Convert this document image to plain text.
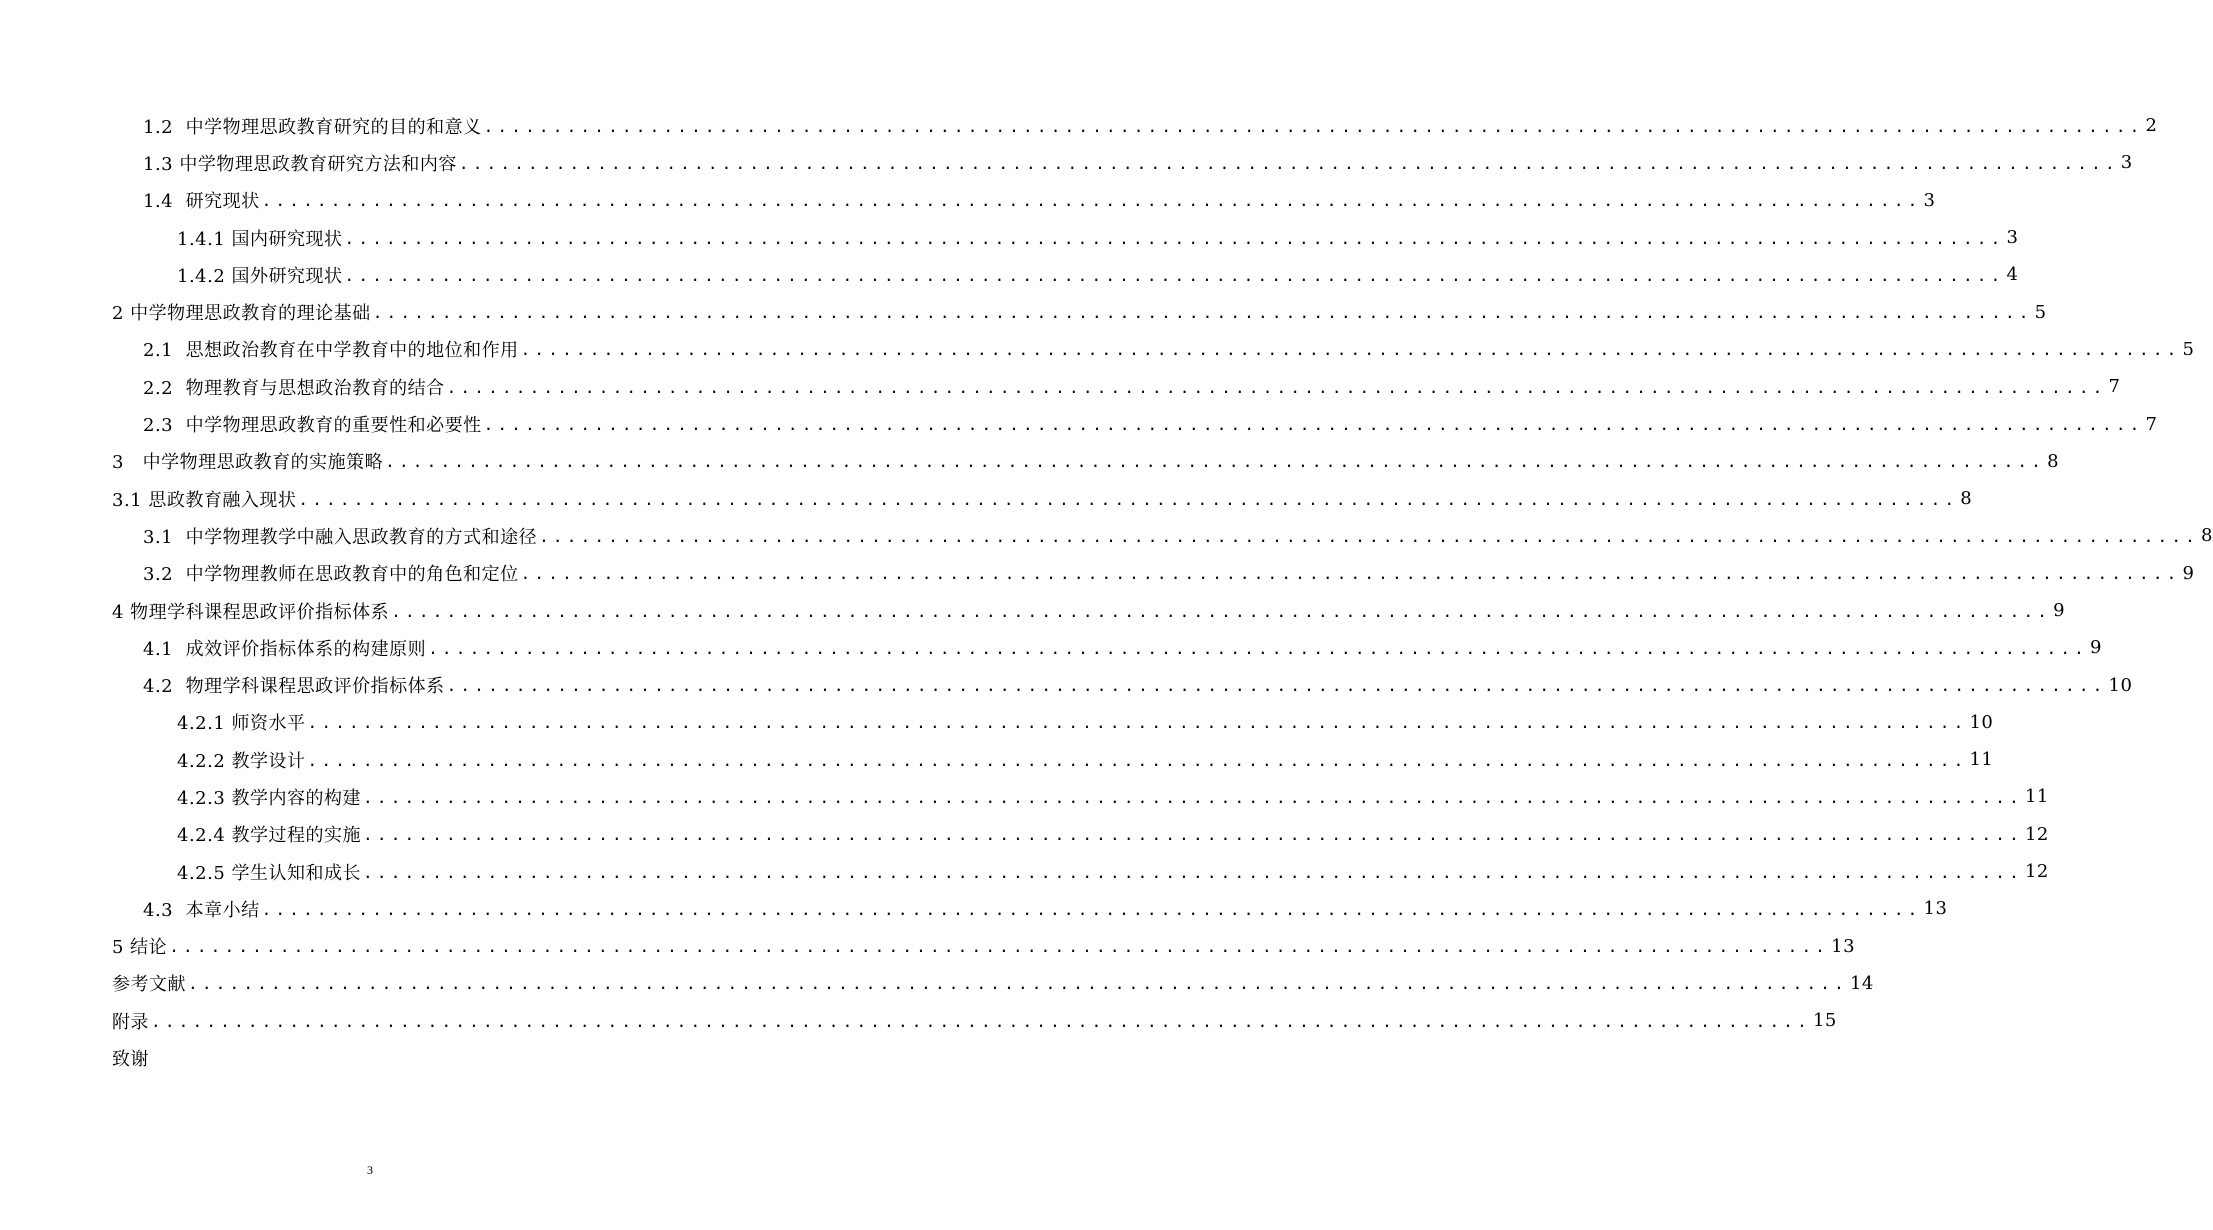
1.2  中学物理思政教育研究的目的和意义 ........................................................................................................................ 2
1.3 中学物理思政教育研究方法和内容 ........................................................................................................................ 3
1.4  研究现状 ........................................................................................................................ 3
1.4.1 国内研究现状 ........................................................................................................................ 3
1.4.2 国外研究现状 ........................................................................................................................ 4
2 中学物理思政教育的理论基础 ........................................................................................................................ 5
2.1  思想政治教育在中学教育中的地位和作用 ........................................................................................................................ 5
2.2  物理教育与思想政治教育的结合 ........................................................................................................................ 7
2.3  中学物理思政教育的重要性和必要性 ........................................................................................................................ 7
3   中学物理思政教育的实施策略 ........................................................................................................................ 8
3.1 思政教育融入现状 ........................................................................................................................ 8
3.1  中学物理教学中融入思政教育的方式和途径 ........................................................................................................................ 8
3.2  中学物理教师在思政教育中的角色和定位 ........................................................................................................................ 9
4 物理学科课程思政评价指标体系 ........................................................................................................................ 9
4.1  成效评价指标体系的构建原则 ........................................................................................................................ 9
4.2  物理学科课程思政评价指标体系 ........................................................................................................................ 10
4.2.1 师资水平 ........................................................................................................................ 10
4.2.2 教学设计 ........................................................................................................................ 11
4.2.3 教学内容的构建 ........................................................................................................................ 11
4.2.4 教学过程的实施 ........................................................................................................................ 12
4.2.5 学生认知和成长 ........................................................................................................................ 12
4.3  本章小结 ........................................................................................................................ 13
5 结论 ........................................................................................................................ 13
参考文献 ........................................................................................................................ 14
附录 ........................................................................................................................ 15
致谢
3
